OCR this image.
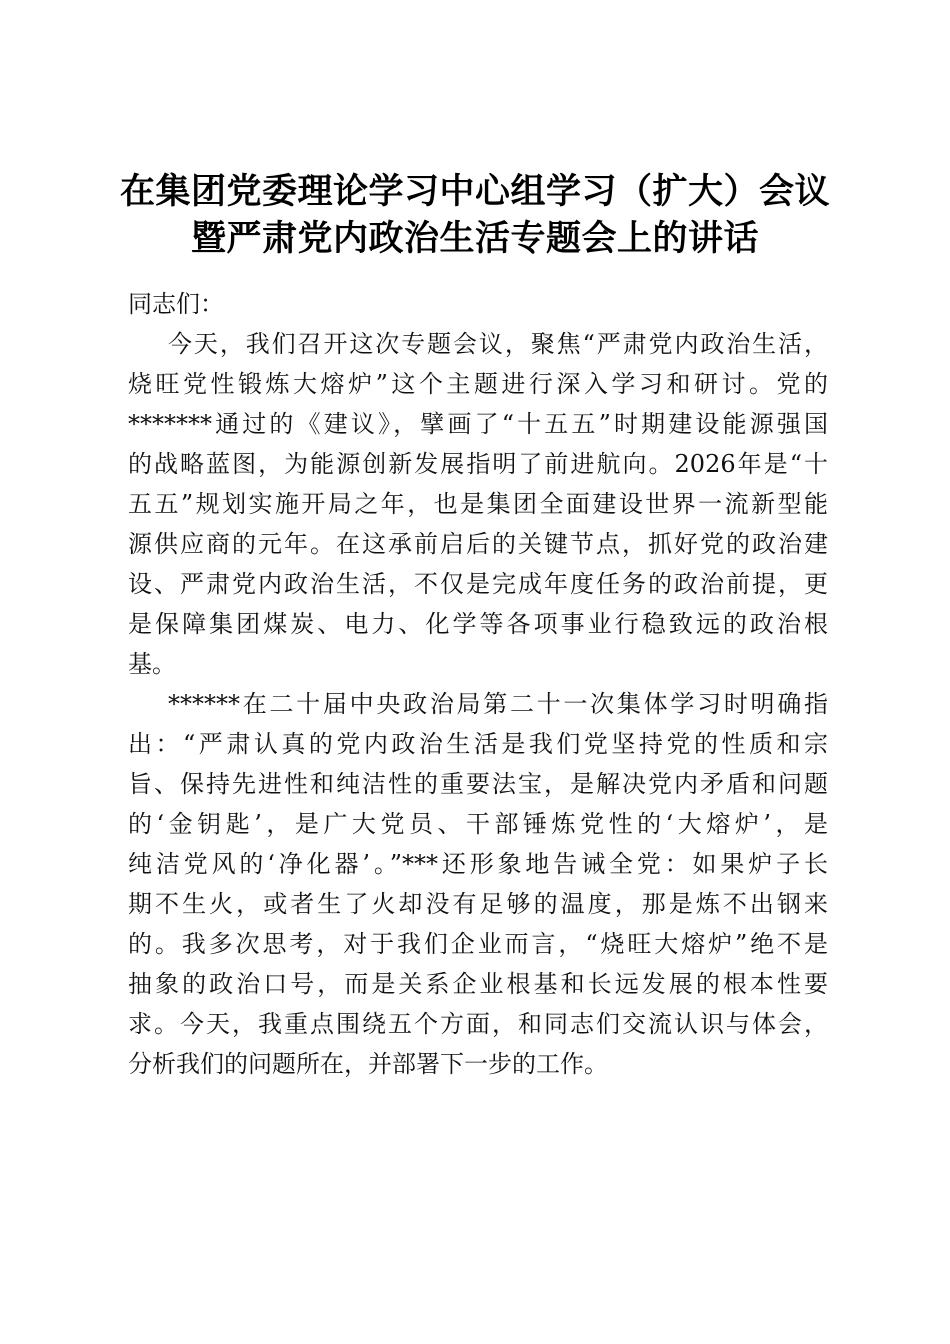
在集团党委理论学习中心组学习（扩大）会议
暨严肃党内政治生活专题会上的讲话

同志们：

今天，我们召开这次专题会议，聚焦“严肃党内政治生活，
烧旺党性锻炼大熔炉”这个主题进行深入学习和研讨。党的
*******通过的《建议》，擘画了“十五五”时期建设能源强国
的战略蓝图，为能源创新发展指明了前进航向。2026年是“十
五五”规划实施开局之年，也是集团全面建设世界一流新型能
源供应商的元年。在这承前启后的关键节点，抓好党的政治建
设、严肃党内政治生活，不仅是完成年度任务的政治前提，更
是保障集团煤炭、电力、化学等各项事业行稳致远的政治根
基。

******在二十届中央政治局第二十一次集体学习时明确指
出：“严肃认真的党内政治生活是我们党坚持党的性质和宗
旨、保持先进性和纯洁性的重要法宝，是解决党内矛盾和问题
的‘金钥匙’，是广大党员、干部锤炼党性的‘大熔炉’，是
纯洁党风的‘净化器’。”***还形象地告诫全党：如果炉子长
期不生火，或者生了火却没有足够的温度，那是炼不出钢来
的。我多次思考，对于我们企业而言，“烧旺大熔炉”绝不是
抽象的政治口号，而是关系企业根基和长远发展的根本性要
求。今天，我重点围绕五个方面，和同志们交流认识与体会，
分析我们的问题所在，并部署下一步的工作。
